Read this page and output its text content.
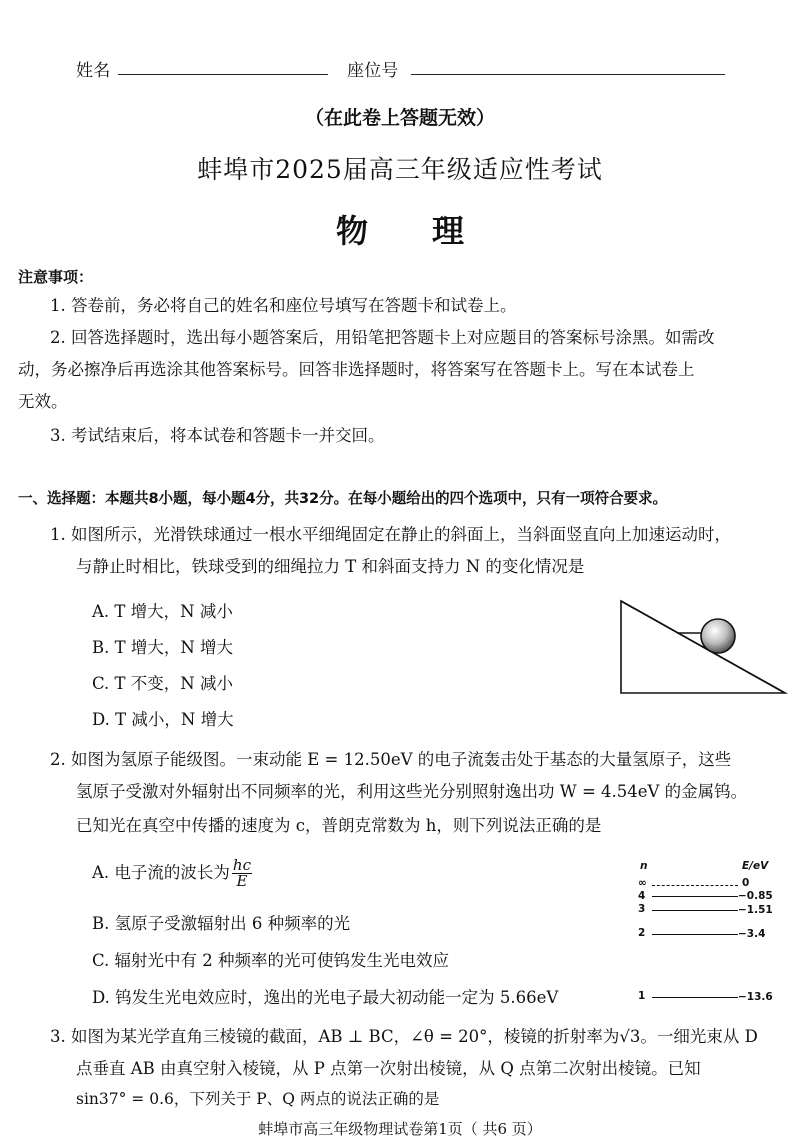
姓名	座位号
（在此卷上答题无效）
蚌埠市2025届高三年级适应性考试
物　　理
注意事项：
1. 答卷前，务必将自己的姓名和座位号填写在答题卡和试卷上。
2. 回答选择题时，选出每小题答案后，用铅笔把答题卡上对应题目的答案标号涂黑。如需改
动，务必擦净后再选涂其他答案标号。回答非选择题时，将答案写在答题卡上。写在本试卷上
无效。
3. 考试结束后，将本试卷和答题卡一并交回。
一、选择题：本题共8小题，每小题4分，共32分。在每小题给出的四个选项中，只有一项符合要求。
1. 如图所示，光滑铁球通过一根水平细绳固定在静止的斜面上，当斜面竖直向上加速运动时，
与静止时相比，铁球受到的细绳拉力 T 和斜面支持力 N 的变化情况是
A. T 增大，N 减小
B. T 增大，N 增大
C. T 不变，N 减小
D. T 减小，N 增大
2. 如图为氢原子能级图。一束动能 E = 12.50eV 的电子流轰击处于基态的大量氢原子，这些
氢原子受激对外辐射出不同频率的光，利用这些光分别照射逸出功 W = 4.54eV 的金属钨。
已知光在真空中传播的速度为 c，普朗克常数为 h，则下列说法正确的是
A. 电子流的波长为 $\frac{hc}{E}$
B. 氢原子受激辐射出 6 种频率的光
C. 辐射光中有 2 种频率的光可使钨发生光电效应
D. 钨发生光电效应时，逸出的光电子最大初动能一定为 5.66eV
n	E/eV
∞	0
4	−0.85
3	−1.51
2	−3.4
1	−13.6
3. 如图为某光学直角三棱镜的截面，AB ⊥ BC，∠θ = 20°，棱镜的折射率为√3。一细光束从 D
点垂直 AB 由真空射入棱镜，从 P 点第一次射出棱镜，从 Q 点第二次射出棱镜。已知
sin37° = 0.6，下列关于 P、Q 两点的说法正确的是
蚌埠市高三年级物理试卷第1页（ 共6 页）
